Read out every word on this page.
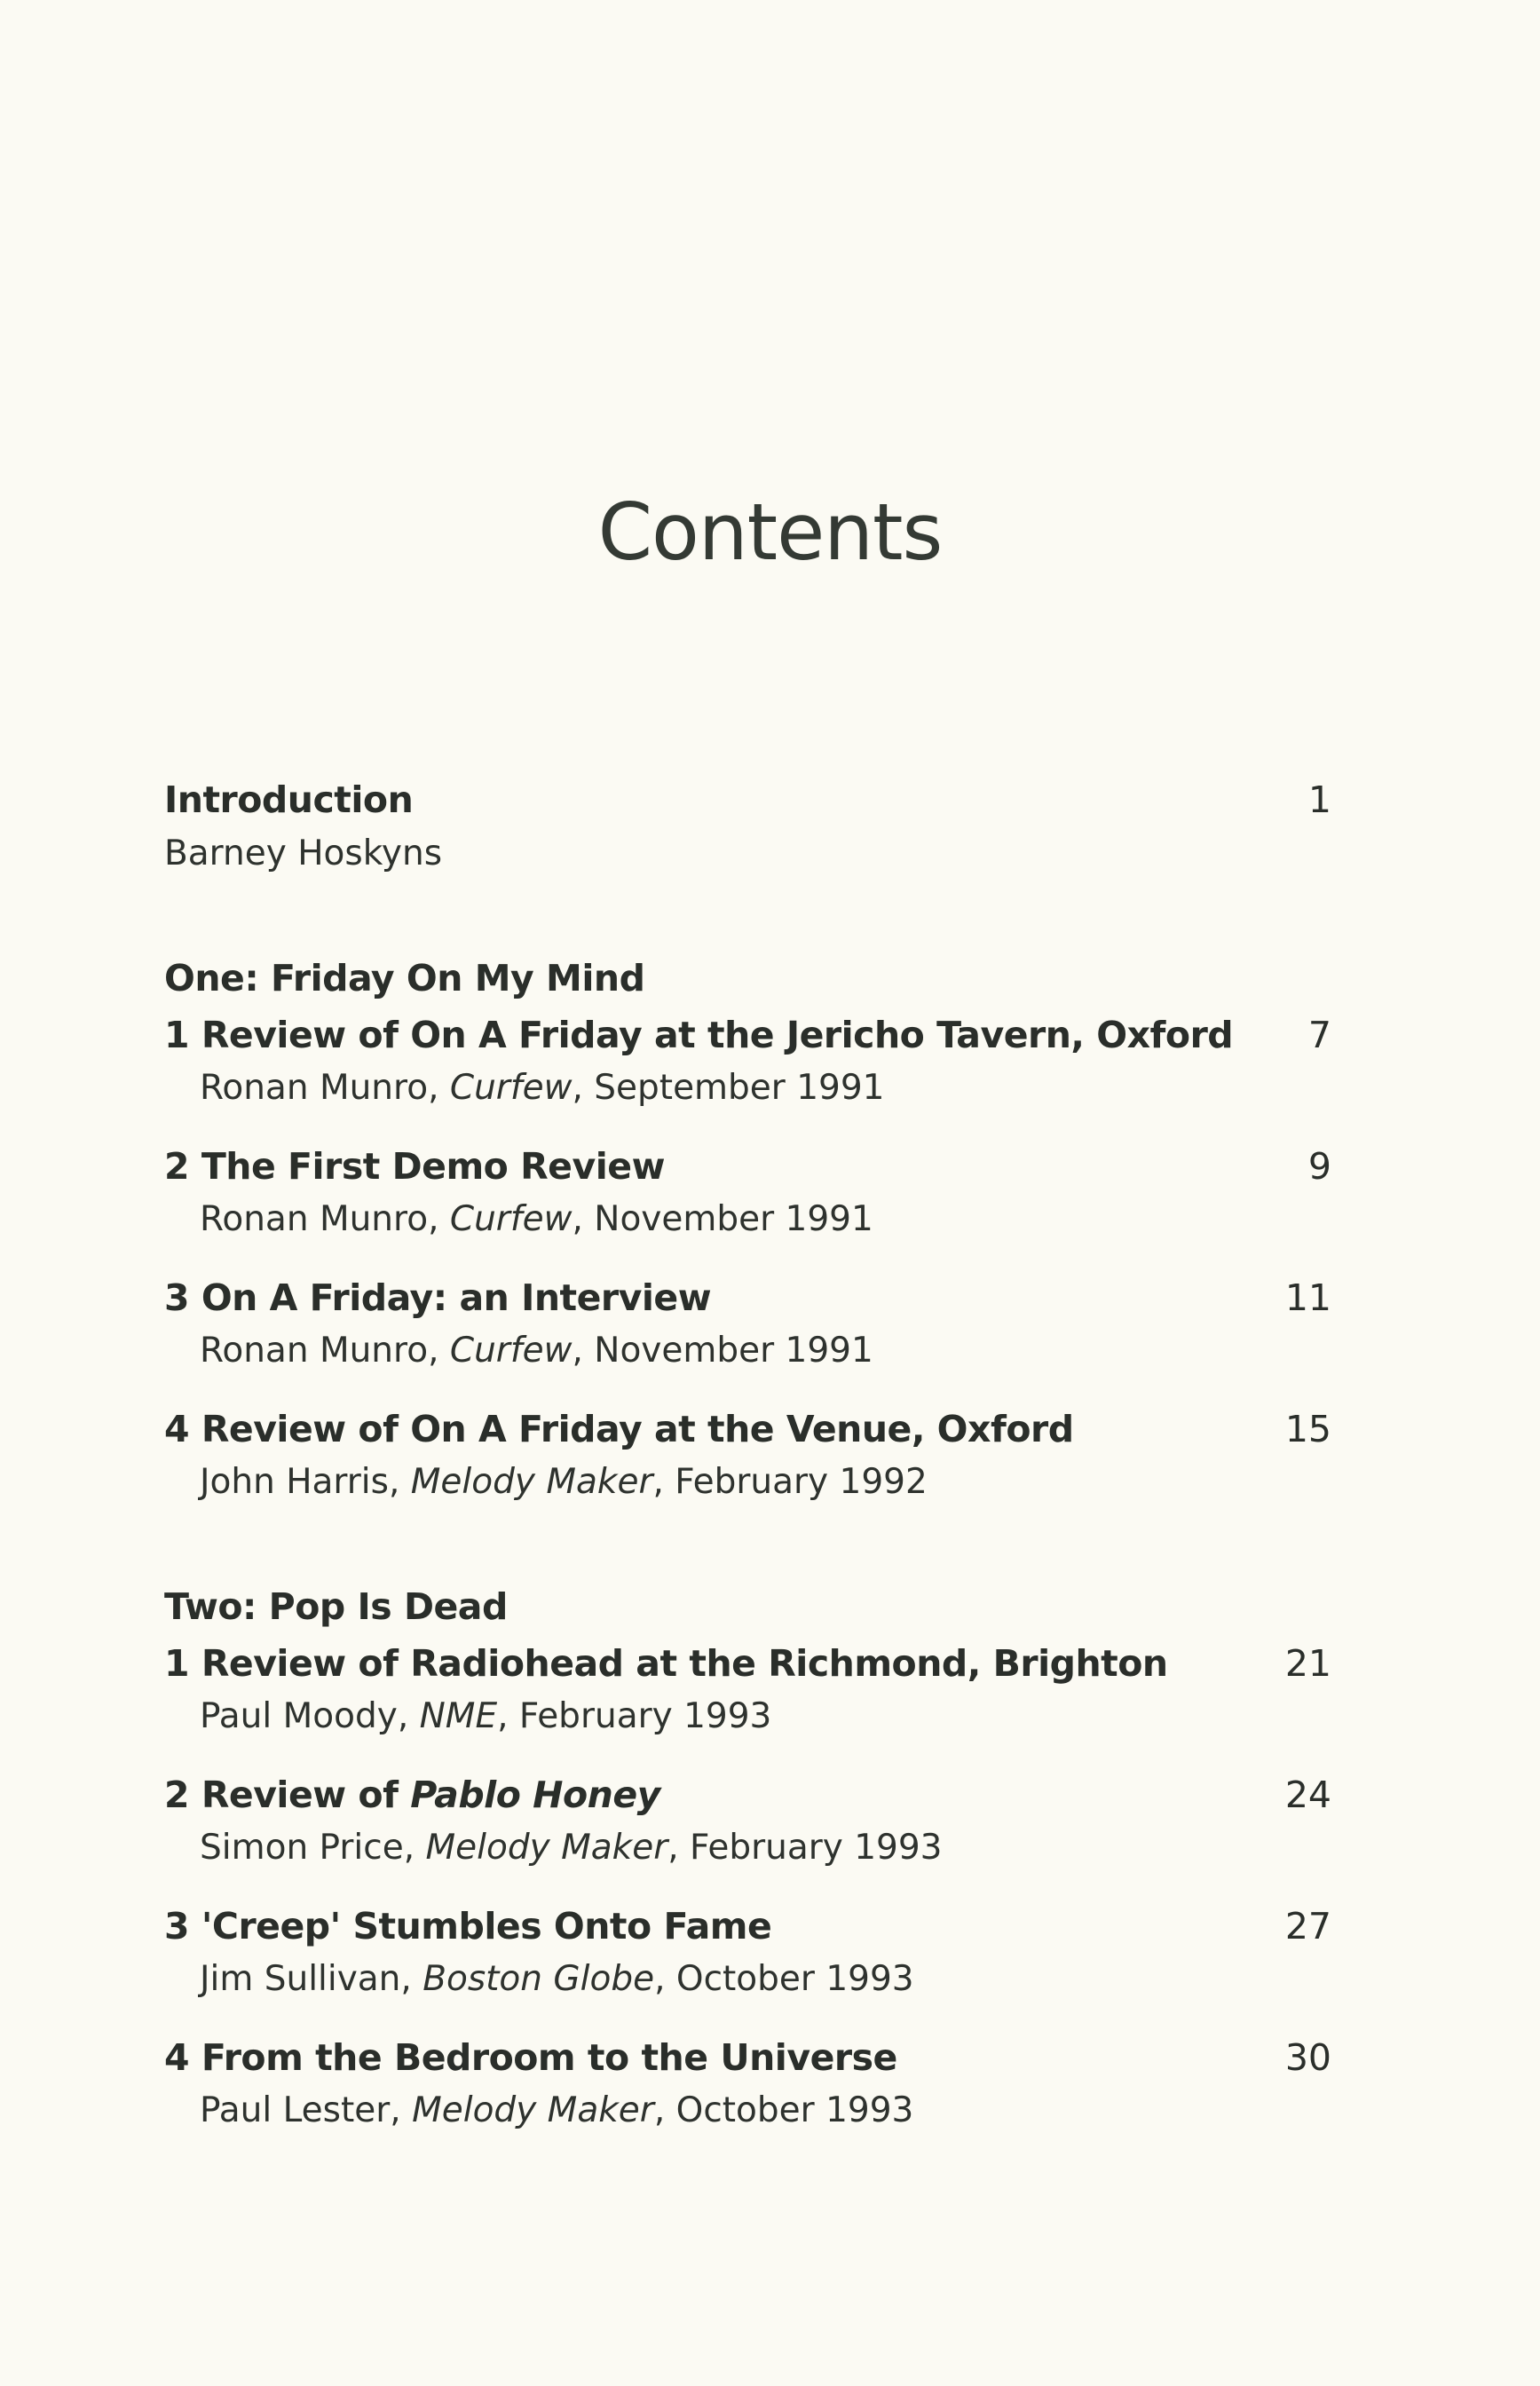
Contents
Introduction	1
Barney Hoskyns
One: Friday On My Mind
1 Review of On A Friday at the Jericho Tavern, Oxford 7
Ronan Munro, Curfew, September 1991
2 The First Demo Review	9
Ronan Munro, Curfew, November 1991
3 On A Friday: an Interview	11
Ronan Munro, Curfew, November 1991
4 Review of On A Friday at the Venue, Oxford	15
John Harris, Melody Maker, February 1992
Two: Pop Is Dead
1 Review of Radiohead at the Richmond, Brighton	21
Paul Moody, NME, February 1993
2 Review of Pablo Honey	24
Simon Price, Melody Maker, February 1993
3 'Creep' Stumbles Onto Fame	27
Jim Sullivan, Boston Globe, October 1993
4 From the Bedroom to the Universe	30
Paul Lester, Melody Maker, October 1993
